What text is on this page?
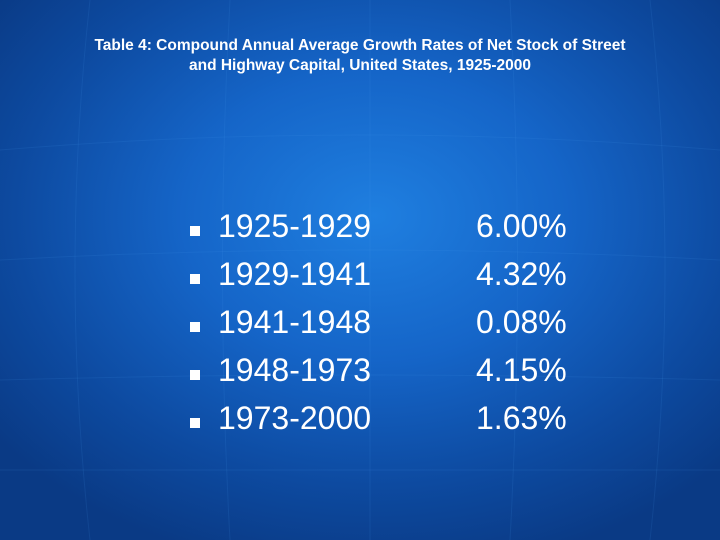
Table 4: Compound Annual Average Growth Rates of Net Stock of Street
and Highway Capital, United States, 1925-2000
1925-1929	6.00%
1929-1941	4.32%
1941-1948	0.08%
1948-1973	4.15%
1973-2000	1.63%
